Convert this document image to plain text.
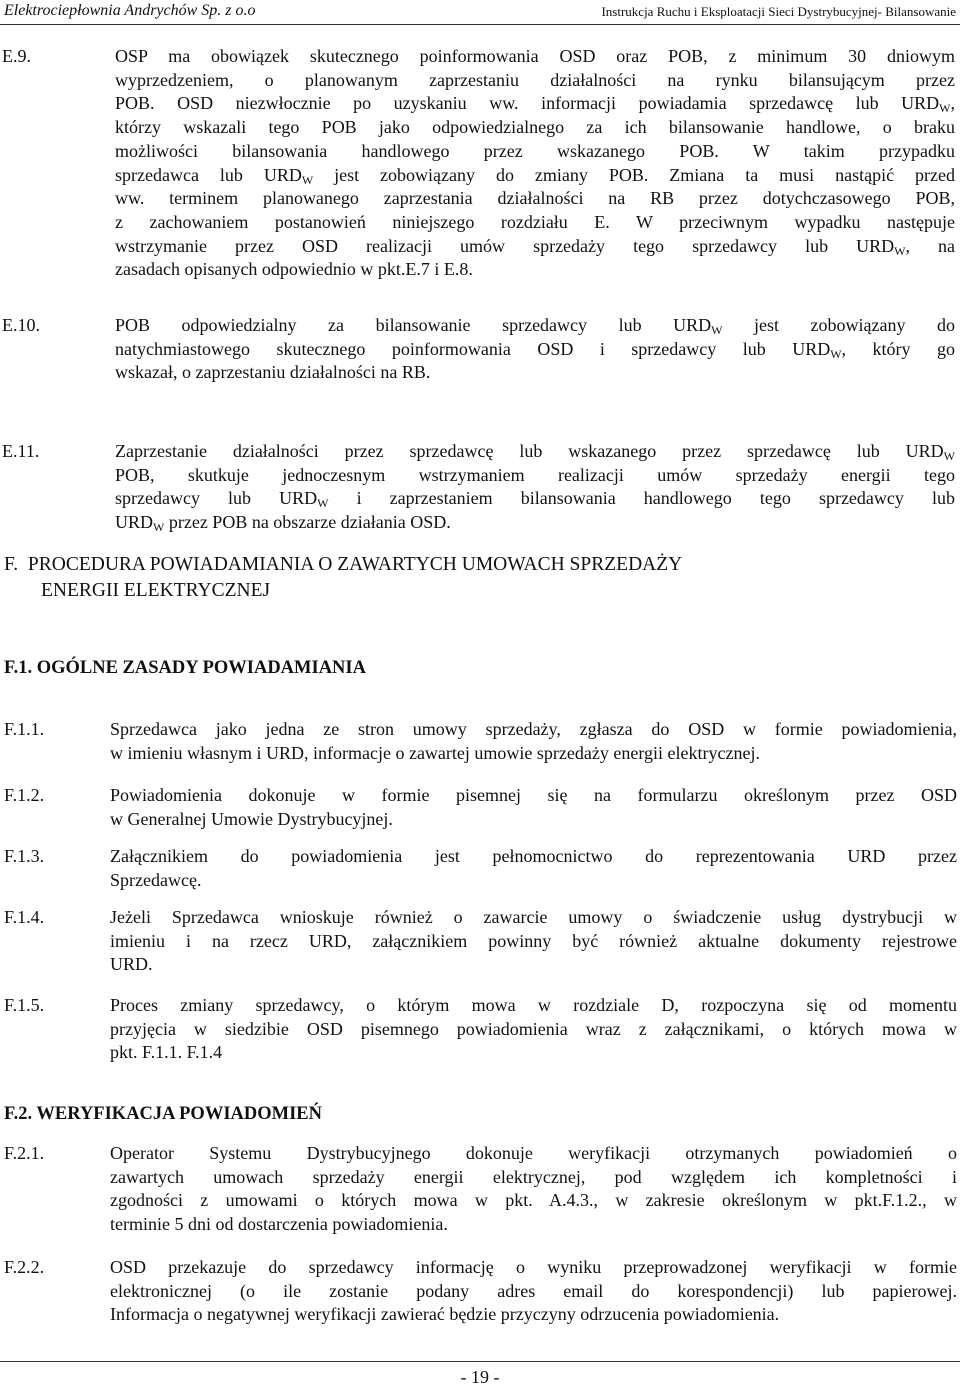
Elektrociepłownia Andrychów Sp. z o.o	Instrukcja Ruchu i Eksploatacji Sieci Dystrybucyjnej- Bilansowanie
E.9.	OSP ma obowiązek skutecznego poinformowania OSD oraz POB, z minimum 30 dniowym
wyprzedzeniem, o planowanym zaprzestaniu działalności na rynku bilansującym przez
POB. OSD niezwłocznie po uzyskaniu ww. informacji powiadamia sprzedawcę lub $URD_W$,
którzy wskazali tego POB jako odpowiedzialnego za ich bilansowanie handlowe, o braku
możliwości bilansowania handlowego przez wskazanego POB. W takim przypadku
sprzedawca lub $URD_W$ jest zobowiązany do zmiany POB. Zmiana ta musi nastąpić przed
ww. terminem planowanego zaprzestania działalności na RB przez dotychczasowego POB,
z zachowaniem postanowień niniejszego rozdziału E. W przeciwnym wypadku następuje
wstrzymanie przez OSD realizacji umów sprzedaży tego sprzedawcy lub $URD_W$, na
zasadach opisanych odpowiednio w pkt.E.7 i E.8.
E.10.	POB odpowiedzialny za bilansowanie sprzedawcy lub $URD_W$ jest zobowiązany do
natychmiastowego skutecznego poinformowania OSD i sprzedawcy lub $URD_W$, który go
wskazał, o zaprzestaniu działalności na RB.
E.11.	Zaprzestanie działalności przez sprzedawcę lub wskazanego przez sprzedawcę lub $URD_W$
POB, skutkuje jednoczesnym wstrzymaniem realizacji umów sprzedaży energii tego
sprzedawcy lub $URD_W$ i zaprzestaniem bilansowania handlowego tego sprzedawcy lub
$URD_W$ przez POB na obszarze działania OSD.
F.  PROCEDURA POWIADAMIANIA O ZAWARTYCH UMOWACH SPRZEDAŻY
ENERGII ELEKTRYCZNEJ
F.1. OGÓLNE ZASADY POWIADAMIANIA
F.1.1.	Sprzedawca jako jedna ze stron umowy sprzedaży, zgłasza do OSD w formie powiadomienia,
w imieniu własnym i URD, informacje o zawartej umowie sprzedaży energii elektrycznej.
F.1.2.	Powiadomienia dokonuje w formie pisemnej się na formularzu określonym przez OSD
w Generalnej Umowie Dystrybucyjnej.
F.1.3.	Załącznikiem do powiadomienia jest pełnomocnictwo do reprezentowania URD przez
Sprzedawcę.
F.1.4.	Jeżeli Sprzedawca wnioskuje również o zawarcie umowy o świadczenie usług dystrybucji w
imieniu i na rzecz URD, załącznikiem powinny być również aktualne dokumenty rejestrowe
URD.
F.1.5.	Proces zmiany sprzedawcy, o którym mowa w rozdziale D, rozpoczyna się od momentu
przyjęcia w siedzibie OSD pisemnego powiadomienia wraz z załącznikami, o których mowa w
pkt. F.1.1. F.1.4
F.2. WERYFIKACJA POWIADOMIEŃ
F.2.1.	Operator Systemu Dystrybucyjnego dokonuje weryfikacji otrzymanych powiadomień o
zawartych umowach sprzedaży energii elektrycznej, pod względem ich kompletności i
zgodności z umowami o których mowa w pkt. A.4.3., w zakresie określonym w pkt.F.1.2., w
terminie 5 dni od dostarczenia powiadomienia.
F.2.2.	OSD przekazuje do sprzedawcy informację o wyniku przeprowadzonej weryfikacji w formie
elektronicznej (o ile zostanie podany adres email do korespondencji) lub papierowej.
Informacja o negatywnej weryfikacji zawierać będzie przyczyny odrzucenia powiadomienia.
- 19 -
